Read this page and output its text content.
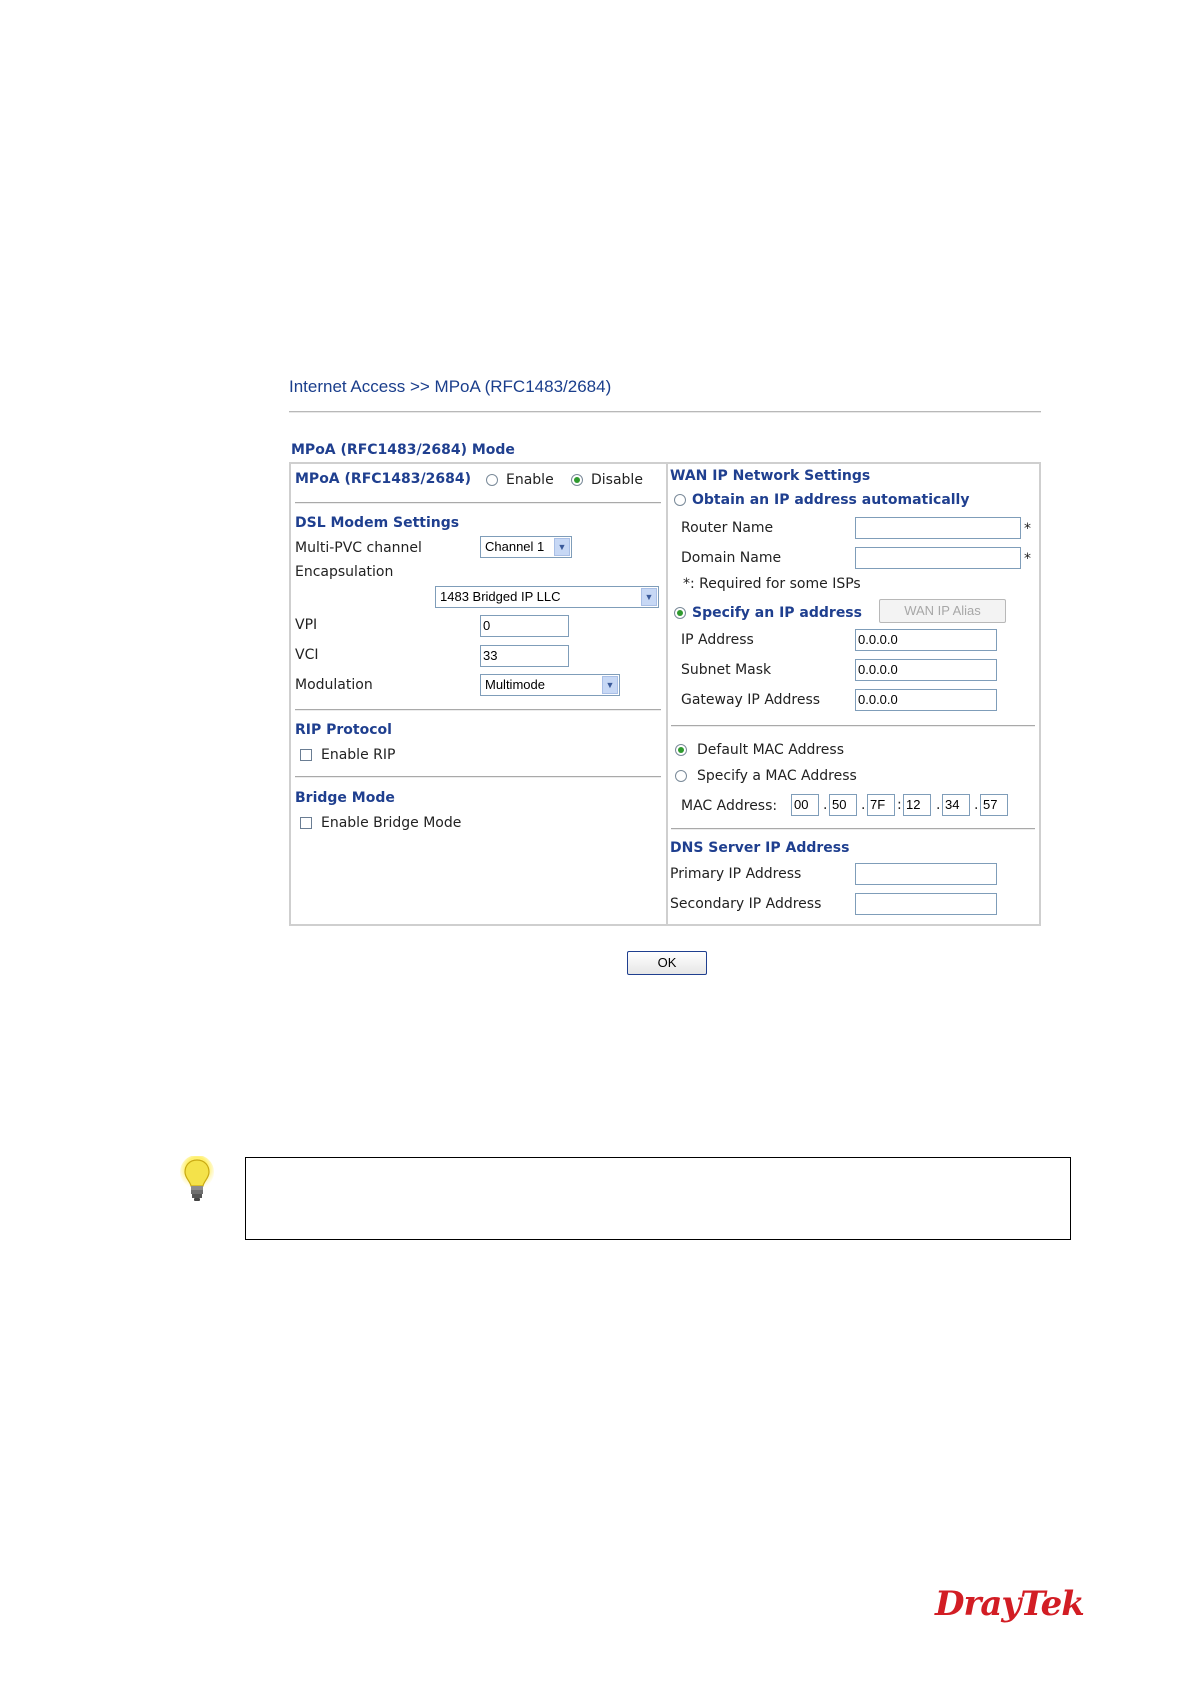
Internet Access >> MPoA (RFC1483/2684)
MPoA (RFC1483/2684) Mode
MPoA (RFC1483/2684)	Enable	Disable
DSL Modem Settings
Multi-PVC channel	Channel 1	▼
Encapsulation
1483 Bridged IP LLC	▼
VPI	0
VCI	33
Modulation	Multimode	▼
RIP Protocol
Enable RIP
Bridge Mode
Enable Bridge Mode
WAN IP Network Settings
Obtain an IP address automatically
Router Name	*
Domain Name	*
*: Required for some ISPs
Specify an IP address	WAN IP Alias
IP Address	0.0.0.0
Subnet Mask	0.0.0.0
Gateway IP Address	0.0.0.0
Default MAC Address
Specify a MAC Address
MAC Address: 00	. 50	. 7F : 12	. 34	. 57
DNS Server IP Address
Primary IP Address
Secondary IP Address
OK
DrayTek
